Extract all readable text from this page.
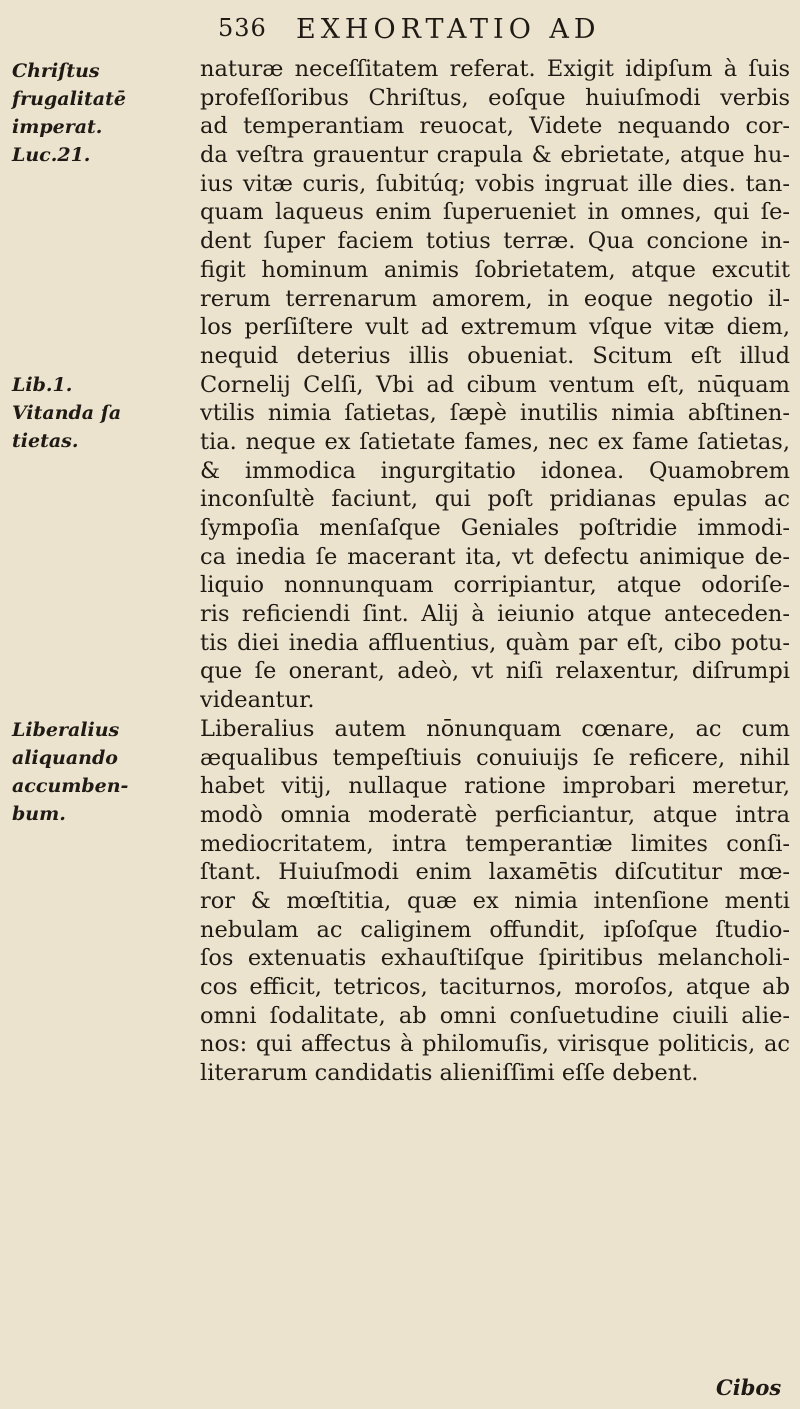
536 EXHORTATIO AD
Chriſtus
frugalitatē
imperat.
Luc.21.
Lib.1.
Vitanda ſa
tietas.
Liberalius
aliquando
accumben-
bum.
naturæ neceſſitatem referat. Exigit idipſum à ſuis
profeſſoribus Chriſtus, eoſque huiuſmodi verbis
ad temperantiam reuocat, Videte nequando cor-
da veſtra grauentur crapula & ebrietate, atque hu-
ius vitæ curis, ſubitúq; vobis ingruat ille dies. tan-
quam laqueus enim ſuperueniet in omnes, qui ſe-
dent ſuper faciem totius terræ. Qua concione in-
figit hominum animis ſobrietatem, atque excutit
rerum terrenarum amorem, in eoque negotio il-
los perſiſtere vult ad extremum vſque vitæ diem,
nequid deterius illis obueniat. Scitum eſt illud
Cornelij Celſi, Vbi ad cibum ventum eſt, nūquam
vtilis nimia ſatietas, ſæpè inutilis nimia abſtinen-
tia. neque ex ſatietate fames, nec ex fame ſatietas,
& immodica ingurgitatio idonea. Quamobrem
inconſultè faciunt, qui poſt pridianas epulas ac
ſympoſia menſaſque Geniales poſtridie immodi-
ca inedia ſe macerant ita, vt defectu animique de-
liquio nonnunquam corripiantur, atque odoriſe-
ris reficiendi ſint. Alij à ieiunio atque anteceden-
tis diei inedia affluentius, quàm par eſt, cibo potu-
que ſe onerant, adeò, vt niſi relaxentur, diſrumpi
videantur.
Liberalius autem nōnunquam cœnare, ac cum
æqualibus tempeſtiuis conuiuijs ſe reficere, nihil
habet vitij, nullaque ratione improbari meretur,
modò omnia moderatè perficiantur, atque intra
mediocritatem, intra temperantiæ limites conſi-
ſtant. Huiuſmodi enim laxamētis diſcutitur mœ-
ror & mœſtitia, quæ ex nimia intenſione menti
nebulam ac caliginem offundit, ipſoſque ſtudio-
ſos extenuatis exhauſtiſque ſpiritibus melancholi-
cos efficit, tetricos, taciturnos, moroſos, atque ab
omni ſodalitate, ab omni conſuetudine ciuili alie-
nos: qui affectus à philomuſis, virisque politicis, ac
literarum candidatis alieniſſimi eſſe debent.
Cibos
